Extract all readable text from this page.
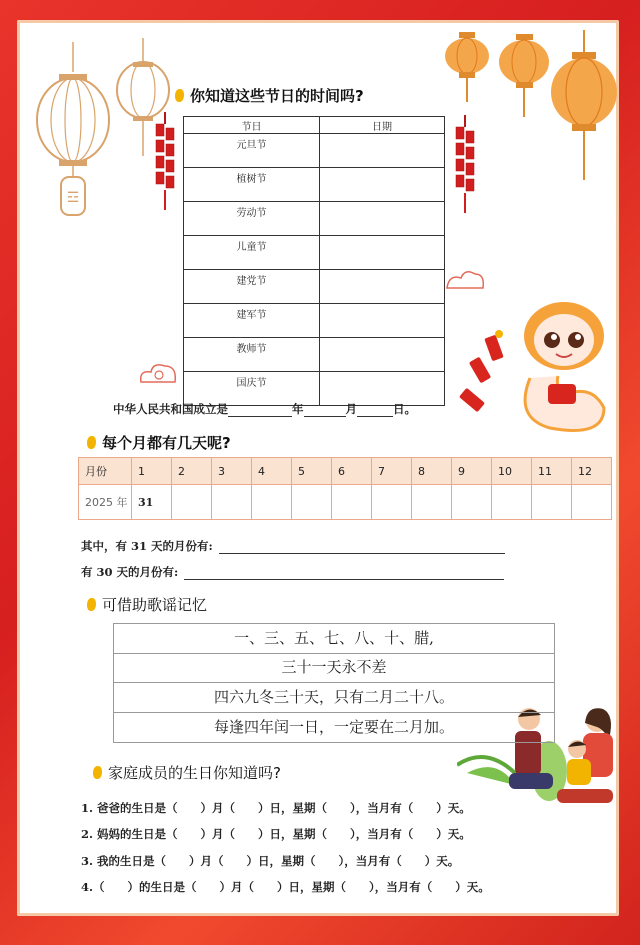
☲
你知道这些节日的时间吗?
节日	日期
元旦节	
植树节	
劳动节	
儿童节	
建党节	
建军节	
教师节	
国庆节	
中华人民共和国成立是	年	月	日。
每个月都有几天呢?
月份	1	2	3	4	5	6	7	8	9	10	11	12
2025 年	31											
其中，有 31 天的月份有:
有 30 天的月份有:
可借助歌谣记忆
一、三、五、七、八、十、腊,
三十一天永不差
四六九冬三十天，只有二月二十八。
每逢四年闰一日，一定要在二月加。
家庭成员的生日你知道吗?
1. 爸爸的生日是（　　）月（　　）日，星期（　　），当月有（　　）天。
2. 妈妈的生日是（　　）月（　　）日，星期（　　），当月有（　　）天。
3. 我的生日是（　　）月（　　）日，星期（　　），当月有（　　）天。
4.（　　）的生日是（　　）月（　　）日，星期（　　），当月有（　　）天。
